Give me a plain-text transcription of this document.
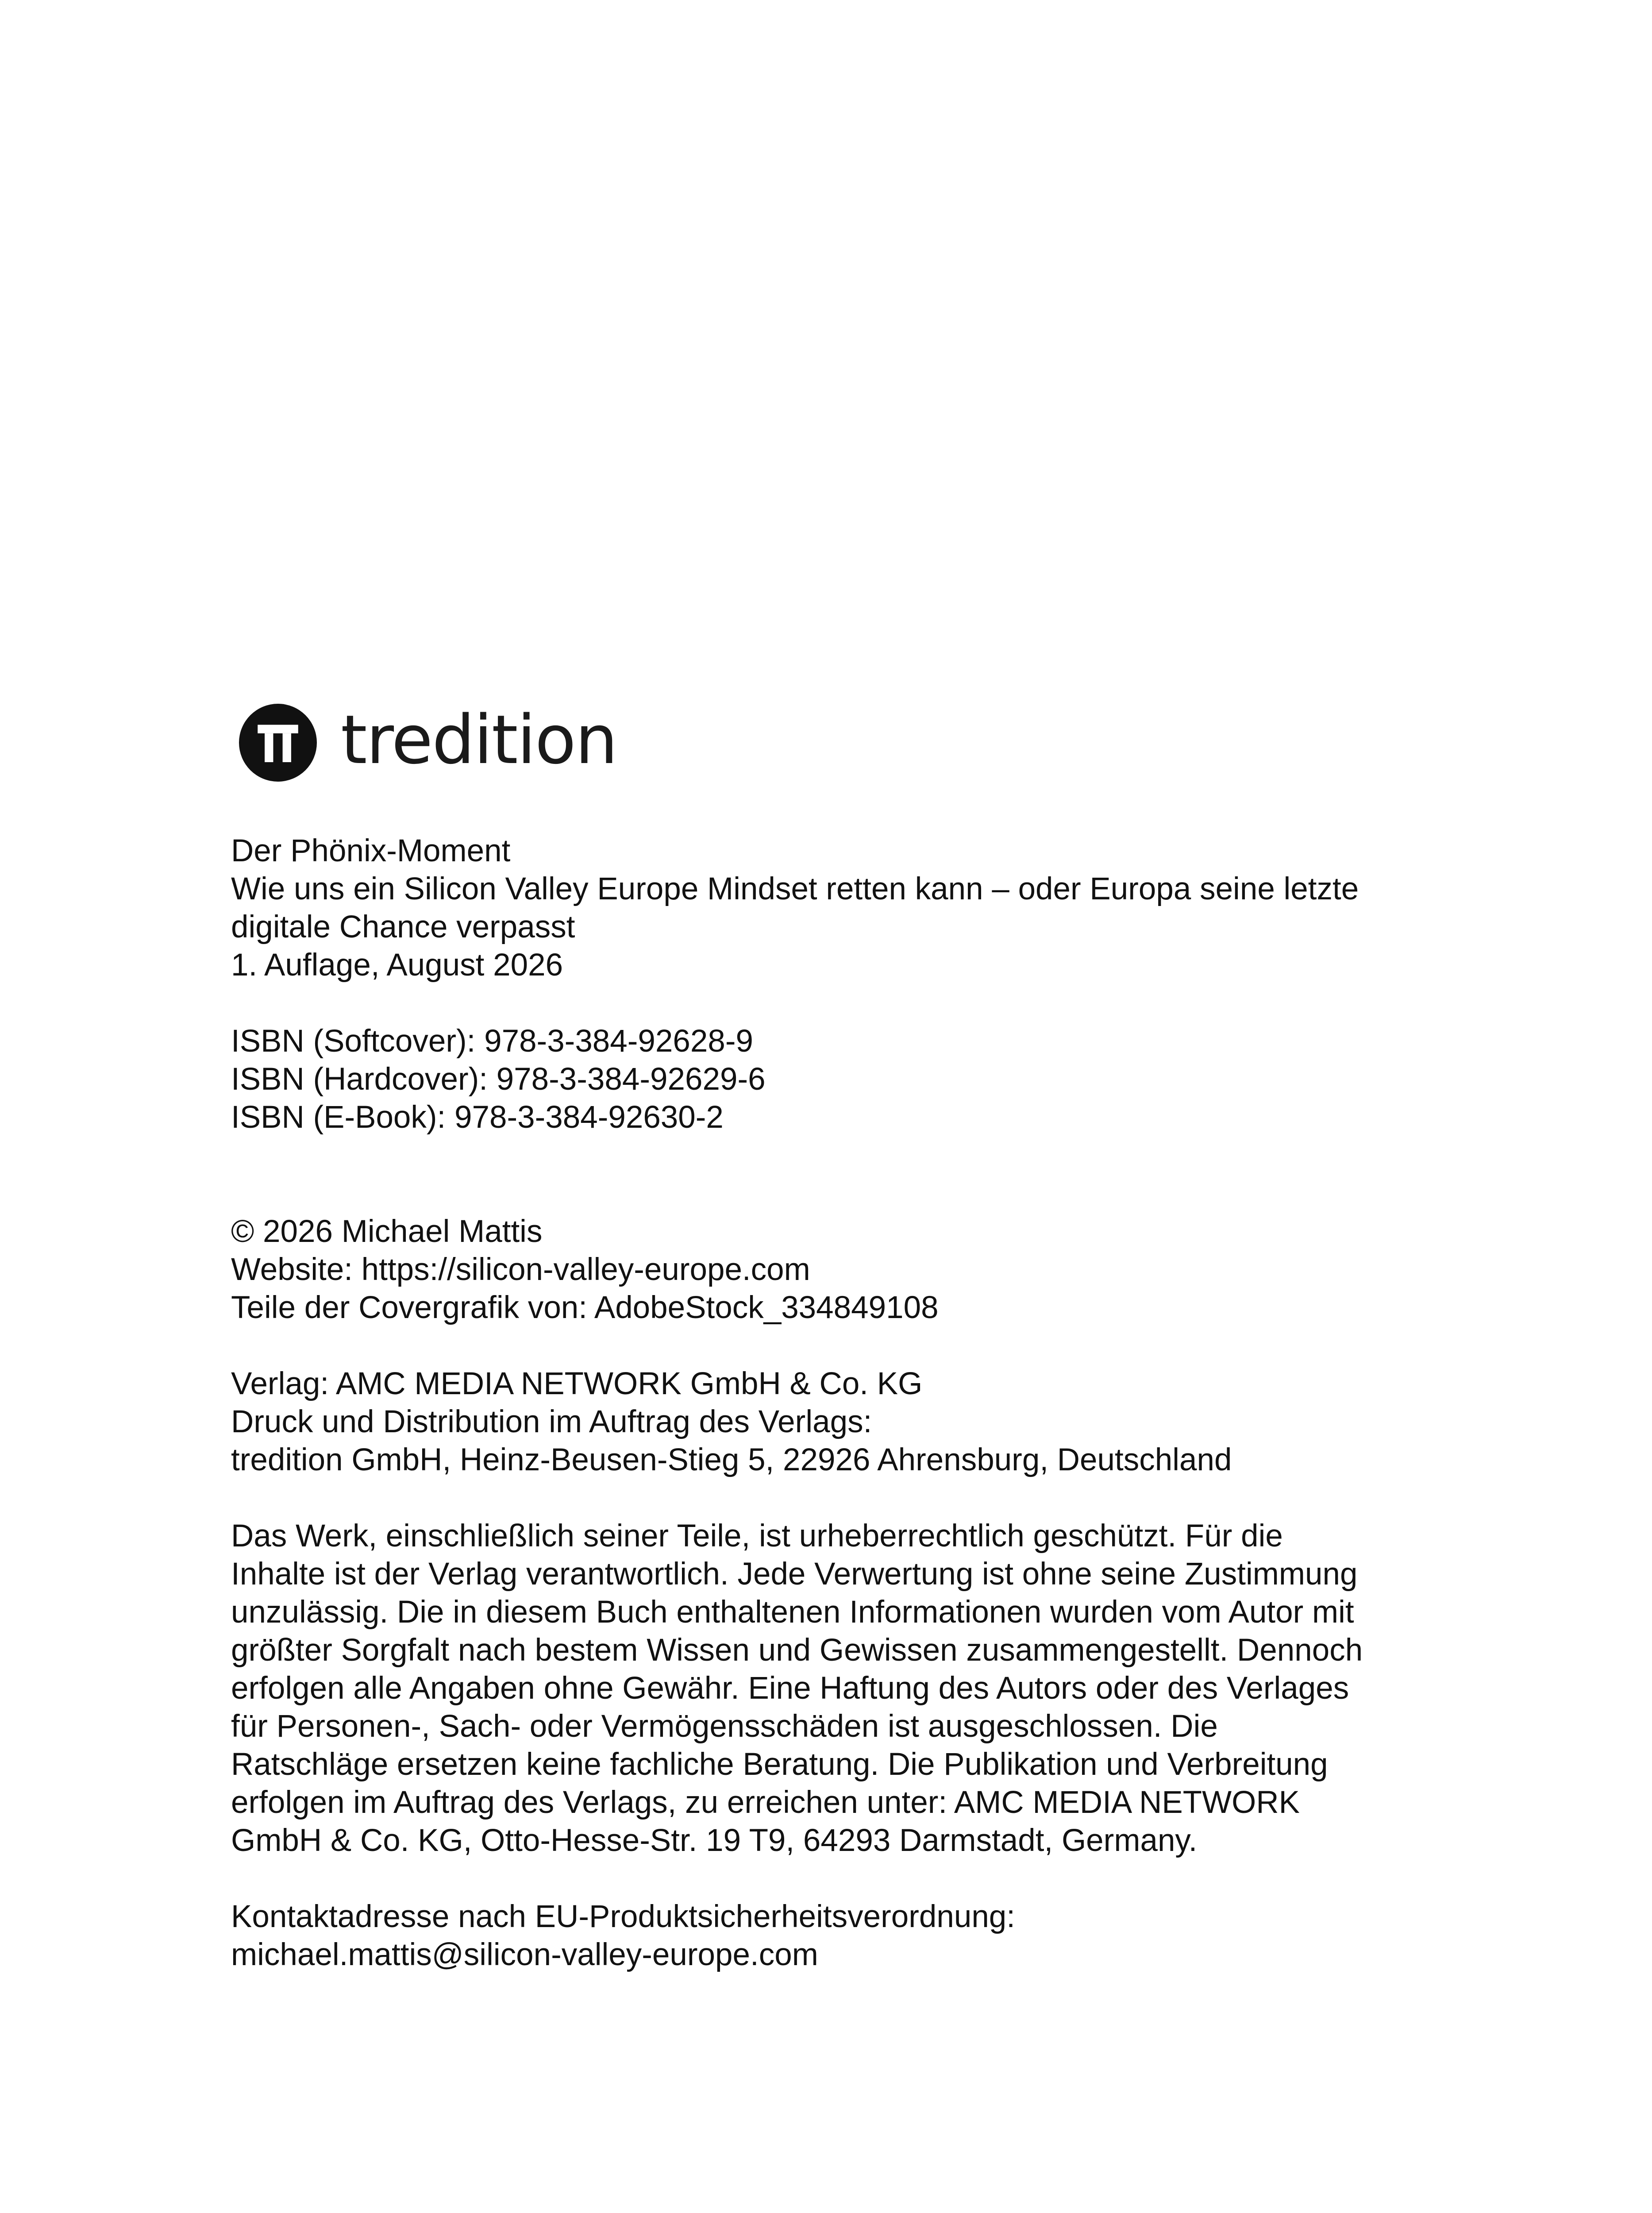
tredition

Der Phönix-Moment

Wie uns ein Silicon Valley Europe Mindset retten kann – oder Europa seine letzte

digitale Chance verpasst

1. Auflage, August 2026

ISBN (Softcover): 978-3-384-92628-9

ISBN (Hardcover): 978-3-384-92629-6

ISBN (E-Book): 978-3-384-92630-2

© 2026 Michael Mattis

Website: https://silicon-valley-europe.com

Teile der Covergrafik von: AdobeStock_334849108

Verlag: AMC MEDIA NETWORK GmbH & Co. KG

Druck und Distribution im Auftrag des Verlags:

tredition GmbH, Heinz-Beusen-Stieg 5, 22926 Ahrensburg, Deutschland

Das Werk, einschließlich seiner Teile, ist urheberrechtlich geschützt. Für die

Inhalte ist der Verlag verantwortlich. Jede Verwertung ist ohne seine Zustimmung

unzulässig. Die in diesem Buch enthaltenen Informationen wurden vom Autor mit

größter Sorgfalt nach bestem Wissen und Gewissen zusammengestellt. Dennoch

erfolgen alle Angaben ohne Gewähr. Eine Haftung des Autors oder des Verlages

für Personen-, Sach- oder Vermögensschäden ist ausgeschlossen. Die

Ratschläge ersetzen keine fachliche Beratung. Die Publikation und Verbreitung

erfolgen im Auftrag des Verlags, zu erreichen unter: AMC MEDIA NETWORK

GmbH & Co. KG, Otto-Hesse-Str. 19 T9, 64293 Darmstadt, Germany.

Kontaktadresse nach EU-Produktsicherheitsverordnung:

michael.mattis@silicon-valley-europe.com
